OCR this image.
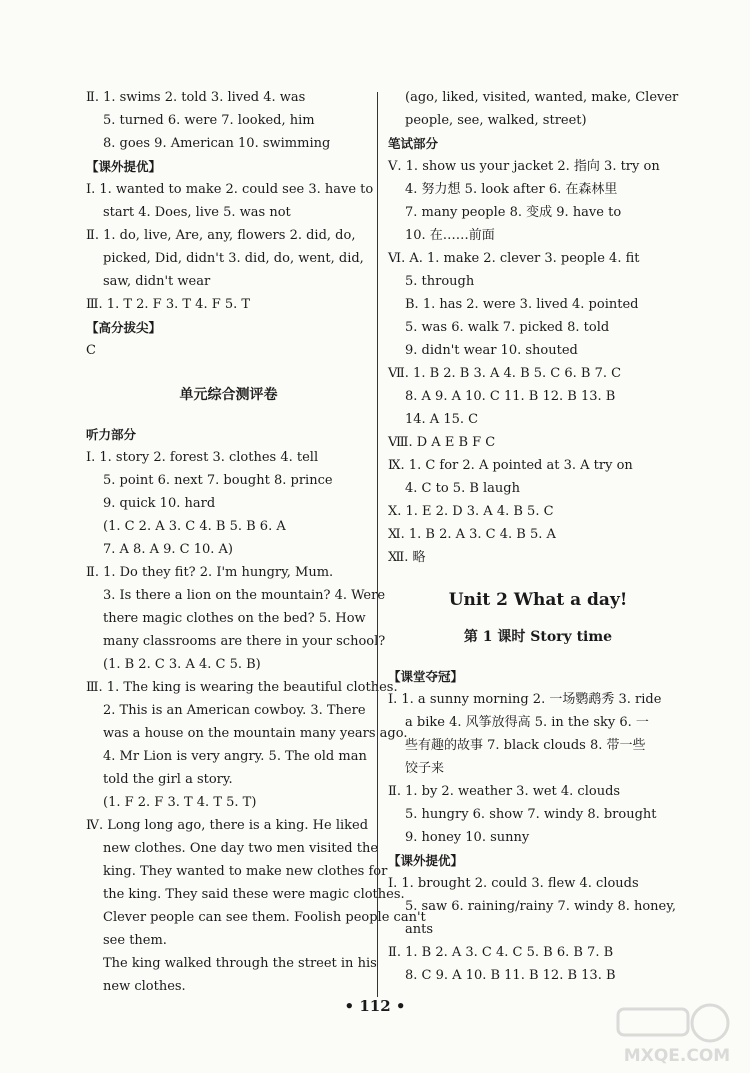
Ⅱ. 1. swims 2. told 3. lived 4. was
5. turned 6. were 7. looked, him
8. goes 9. American 10. swimming
【课外提优】
Ⅰ. 1. wanted to make 2. could see 3. have to
start 4. Does, live 5. was not
Ⅱ. 1. do, live, Are, any, flowers 2. did, do,
picked, Did, didn't 3. did, do, went, did,
saw, didn't wear
Ⅲ. 1. T 2. F 3. T 4. F 5. T
【高分拔尖】
C
单元综合测评卷
听力部分
Ⅰ. 1. story 2. forest 3. clothes 4. tell
5. point 6. next 7. bought 8. prince
9. quick 10. hard
(1. C 2. A 3. C 4. B 5. B 6. A
7. A 8. A 9. C 10. A)
Ⅱ. 1. Do they fit? 2. I'm hungry, Mum.
3. Is there a lion on the mountain? 4. Were
there magic clothes on the bed? 5. How
many classrooms are there in your school?
(1. B 2. C 3. A 4. C 5. B)
Ⅲ. 1. The king is wearing the beautiful clothes.
2. This is an American cowboy. 3. There
was a house on the mountain many years ago.
4. Mr Lion is very angry. 5. The old man
told the girl a story.
(1. F 2. F 3. T 4. T 5. T)
Ⅳ. Long long ago, there is a king. He liked
new clothes. One day two men visited the
king. They wanted to make new clothes for
the king. They said these were magic clothes.
Clever people can see them. Foolish people can't
see them.
The king walked through the street in his
new clothes.
(ago, liked, visited, wanted, make, Clever
people, see, walked, street)
笔试部分
Ⅴ. 1. show us your jacket 2. 指向 3. try on
4. 努力想 5. look after 6. 在森林里
7. many people 8. 变成 9. have to
10. 在……前面
Ⅵ. A. 1. make 2. clever 3. people 4. fit
5. through
B. 1. has 2. were 3. lived 4. pointed
5. was 6. walk 7. picked 8. told
9. didn't wear 10. shouted
Ⅶ. 1. B 2. B 3. A 4. B 5. C 6. B 7. C
8. A 9. A 10. C 11. B 12. B 13. B
14. A 15. C
Ⅷ. D A E B F C
Ⅸ. 1. C for 2. A pointed at 3. A try on
4. C to 5. B laugh
Ⅹ. 1. E 2. D 3. A 4. B 5. C
Ⅺ. 1. B 2. A 3. C 4. B 5. A
Ⅻ. 略
Unit 2 What a day!
第 1 课时 Story time
【课堂夺冠】
Ⅰ. 1. a sunny morning 2. 一场鹦鹉秀 3. ride
a bike 4. 风筝放得高 5. in the sky 6. 一
些有趣的故事 7. black clouds 8. 带一些
饺子来
Ⅱ. 1. by 2. weather 3. wet 4. clouds
5. hungry 6. show 7. windy 8. brought
9. honey 10. sunny
【课外提优】
Ⅰ. 1. brought 2. could 3. flew 4. clouds
5. saw 6. raining/rainy 7. windy 8. honey,
ants
Ⅱ. 1. B 2. A 3. C 4. C 5. B 6. B 7. B
8. C 9. A 10. B 11. B 12. B 13. B
• 112 •
MXQE.COM
